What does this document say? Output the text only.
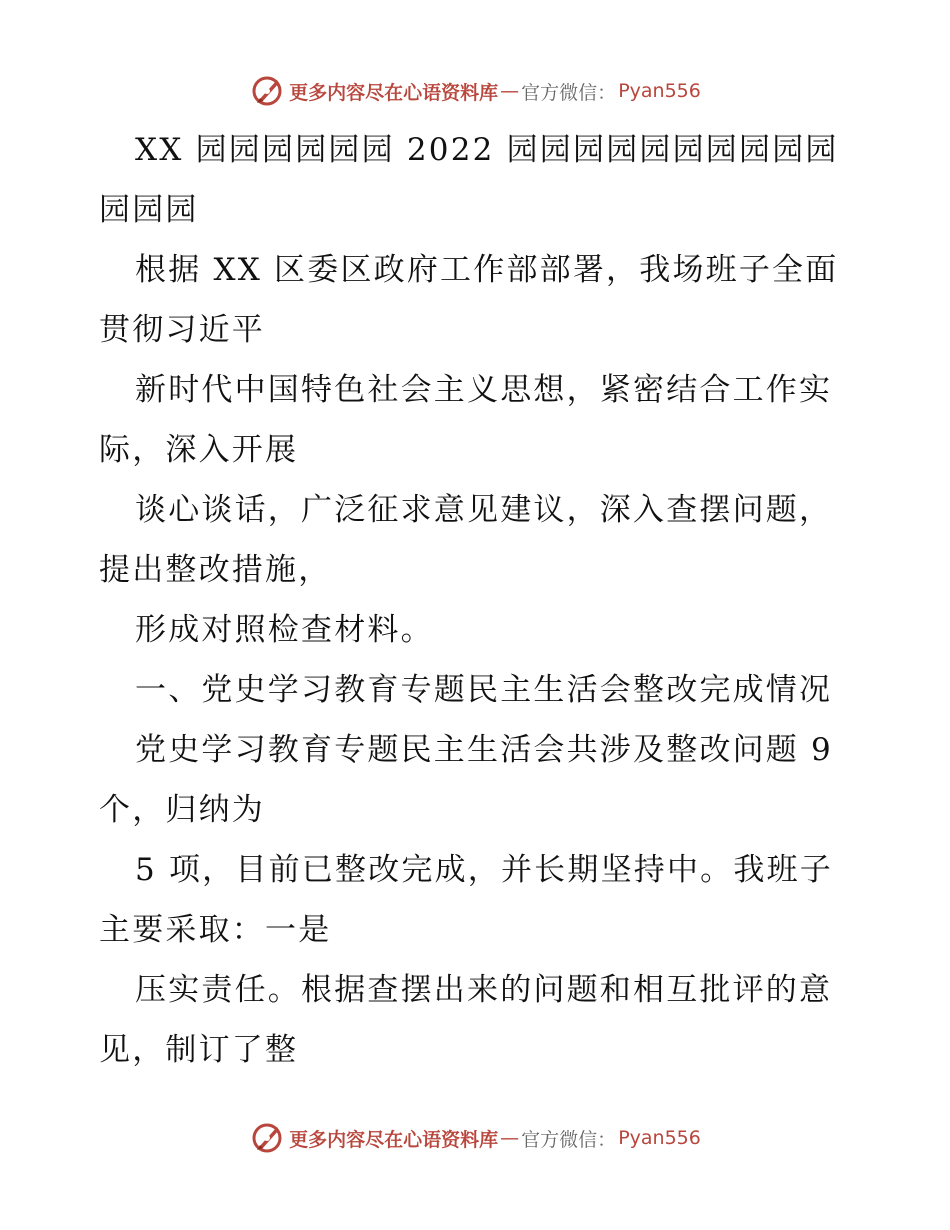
更多内容尽在心语资料库 — 官方微信： Pyan556

XX 园园园园园园 2022 园园园园园园园园园园园园园

根据 XX 区委区政府工作部部署，我场班子全面贯彻习近平

新时代中国特色社会主义思想，紧密结合工作实际，深入开展

谈心谈话，广泛征求意见建议，深入查摆问题，提出整改措施，

形成对照检查材料。

一、党史学习教育专题民主生活会整改完成情况

党史学习教育专题民主生活会共涉及整改问题 9 个，归纳为

5 项，目前已整改完成，并长期坚持中。我班子主要采取：一是

压实责任。根据查摆出来的问题和相互批评的意见，制订了整

更多内容尽在心语资料库 — 官方微信： Pyan556
